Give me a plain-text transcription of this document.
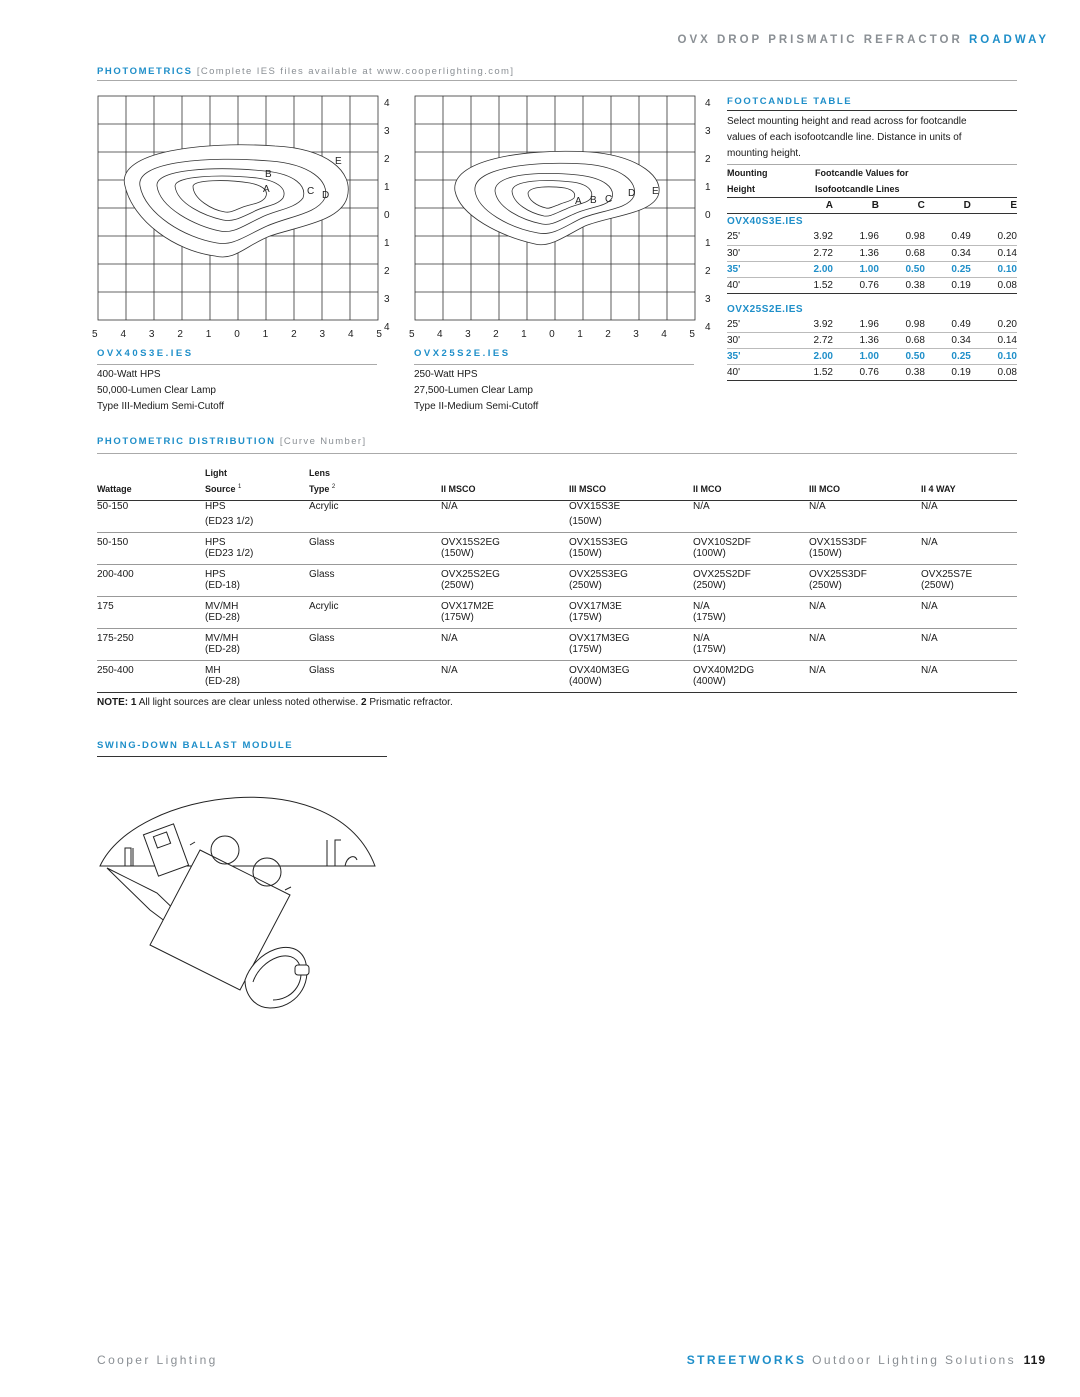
OVX DROP PRISMATIC REFRACTOR ROADWAY
PHOTOMETRICS [Complete IES files available at www.cooperlighting.com]
A
B
C D
E
4
3
2
1
0
1
2
3
4
5 4 3 2 1 0 1 2 3 4 5
OVX40S3E.IES
400-Watt HPS
50,000-Lumen Clear Lamp
Type III-Medium Semi-Cutoff
A B C
D E
4
3
2
1
0
1
2
3
4
5 4 3 2 1 0 1 2 3 4 5
OVX25S2E.IES
250-Watt HPS
27,500-Lumen Clear Lamp
Type II-Medium Semi-Cutoff
FOOTCANDLE TABLE
Select mounting height and read across for footcandle
values of each isofootcandle line. Distance in units of
mounting height.
Mounting	Footcandle Values for				
Height	Isofootcandle Lines				
	A	B	C	D	E
OVX40S3E.IES					
25'	3.92	1.96	0.98	0.49	0.20
30'	2.72	1.36	0.68	0.34	0.14
35'	2.00	1.00	0.50	0.25	0.10
40'	1.52	0.76	0.38	0.19	0.08
OVX25S2E.IES					
25'	3.92	1.96	0.98	0.49	0.20
30'	2.72	1.36	0.68	0.34	0.14
35'	2.00	1.00	0.50	0.25	0.10
40'	1.52	0.76	0.38	0.19	0.08
PHOTOMETRIC DISTRIBUTION [Curve Number]
	Light	Lens					
Wattage	Source $^1$	Type $^2$	II MSCO	III MSCO	II MCO	III MCO	II 4 WAY
50-150	HPS	Acrylic	N/A	OVX15S3E	N/A	N/A	N/A
	(ED23 1/2)			(150W)			
50-150	HPS	Glass	OVX15S2EG	OVX15S3EG	OVX10S2DF	OVX15S3DF	N/A
	(ED23 1/2)		(150W)	(150W)	(100W)	(150W)	
200-400	HPS	Glass	OVX25S2EG	OVX25S3EG	OVX25S2DF	OVX25S3DF	OVX25S7E
	(ED-18)		(250W)	(250W)	(250W)	(250W)	(250W)
175	MV/MH	Acrylic	OVX17M2E	OVX17M3E	N/A	N/A	N/A
	(ED-28)		(175W)	(175W)	(175W)		
175-250	MV/MH	Glass	N/A	OVX17M3EG	N/A	N/A	N/A
	(ED-28)			(175W)	(175W)		
250-400	MH	Glass	N/A	OVX40M3EG	OVX40M2DG	N/A	N/A
	(ED-28)			(400W)	(400W)		
NOTE: 1 All light sources are clear unless noted otherwise. 2 Prismatic refractor.
SWING-DOWN BALLAST MODULE
Cooper Lighting	STREETWORKS Outdoor Lighting Solutions 119
